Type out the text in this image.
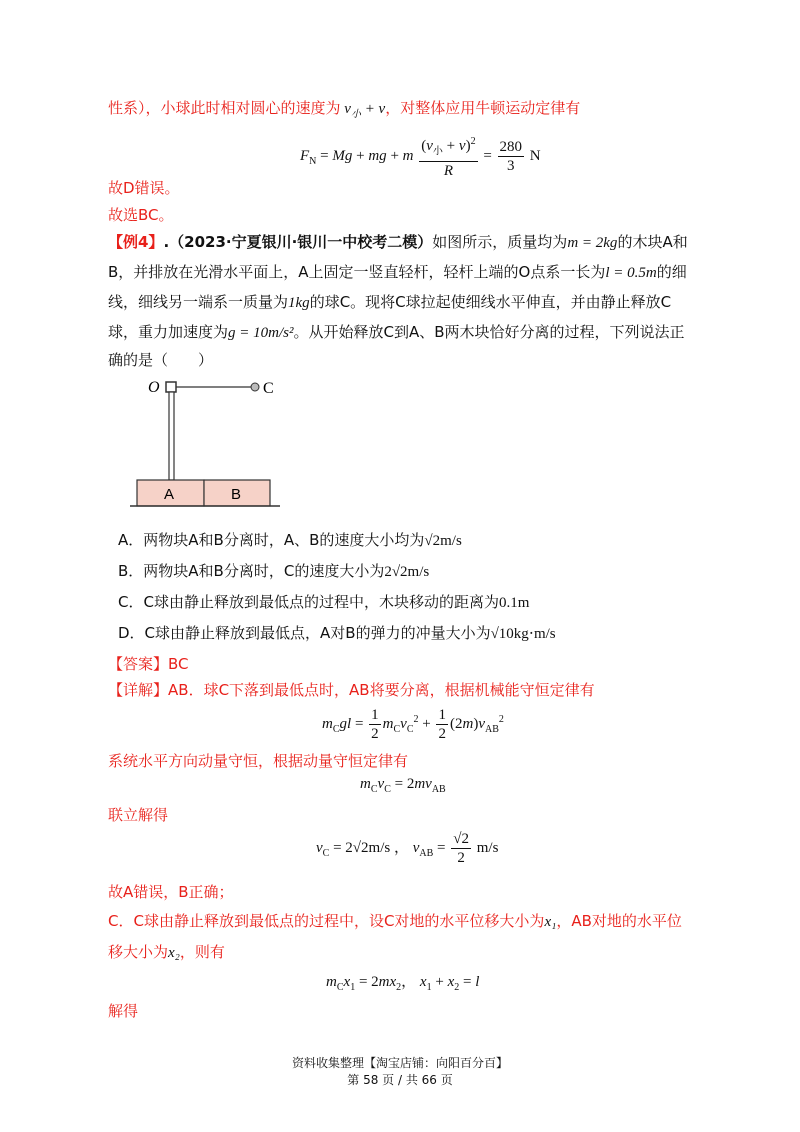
性系），小球此时相对圆心的速度为 $v_小 + v$，对整体应用牛顿运动定律有
$F_N = Mg$ + mg + m $\frac{(v_小 + v)^2}{R} = \frac{280}{3}$ N
故D错误。
故选BC。
【例4】.（2023·宁夏银川·银川一中校考二模）如图所示，质量均为m = 2kg的木块A和
B，并排放在光滑水平面上，A上固定一竖直轻杆，轻杆上端的O点系一长为l = 0.5m的细
线，细线另一端系一质量为1kg的球C。现将C球拉起使细线水平伸直，并由静止释放C
球，重力加速度为g = 10m/s²。从开始释放C到A、B两木块恰好分离的过程，下列说法正
确的是（　　）
O	C
A	B
A．两物块A和B分离时，A、B的速度大小均为√2m/s
B．两物块A和B分离时，C的速度大小为2√2m/s
C．C球由静止释放到最低点的过程中，木块移动的距离为0.1m
D．C球由静止释放到最低点，A对B的弹力的冲量大小为√10kg⋅m/s
【答案】BC
【详解】AB．球C下落到最低点时，AB将要分离，根据机械能守恒定律有
$m_Cgl = \frac{1}{2} m_Cv_C^2 + \frac{1}{2} (2m)v_{AB}^2$
系统水平方向动量守恒，根据动量守恒定律有
$m_Cv_C = 2mv_{AB}$
联立解得
$v_C = 2√2m/s$ ， $v_{AB} = \frac{√2}{2} m/s$
故A错误，B正确；
C．C球由静止释放到最低点的过程中，设C对地的水平位移大小为x₁，AB对地的水平位
移大小为x₂，则有
$m_Cx_1 = 2mx_2$， $x_1 + x_2 = l$
解得
资料收集整理【淘宝店铺：向阳百分百】
第 58 页 / 共 66 页
